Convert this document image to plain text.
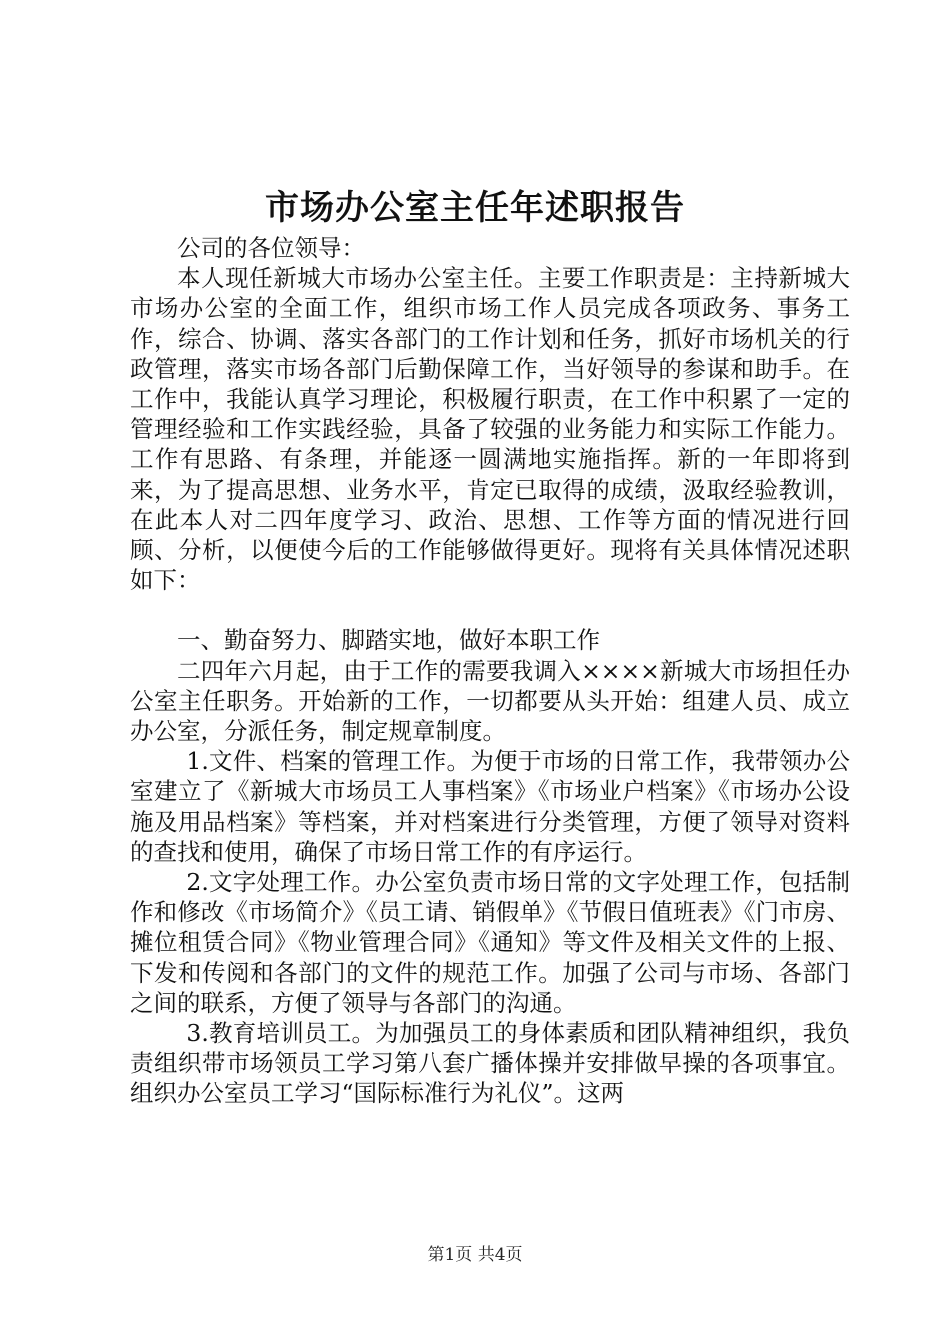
市场办公室主任年述职报告

公司的各位领导：

本人现任新城大市场办公室主任。主要工作职责是：主持新城大市场办公室的全面工作，组织市场工作人员完成各项政务、事务工作，综合、协调、落实各部门的工作计划和任务，抓好市场机关的行政管理，落实市场各部门后勤保障工作，当好领导的参谋和助手。在工作中，我能认真学习理论，积极履行职责，在工作中积累了一定的管理经验和工作实践经验，具备了较强的业务能力和实际工作能力。工作有思路、有条理，并能逐一圆满地实施指挥。新的一年即将到来，为了提高思想、业务水平，肯定已取得的成绩，汲取经验教训，在此本人对二四年度学习、政治、思想、工作等方面的情况进行回顾、分析，以便使今后的工作能够做得更好。现将有关具体情况述职如下：

一、勤奋努力、脚踏实地，做好本职工作

二四年六月起，由于工作的需要我调入××××新城大市场担任办公室主任职务。开始新的工作，一切都要从头开始：组建人员、成立办公室，分派任务，制定规章制度。

1.文件、档案的管理工作。为便于市场的日常工作，我带领办公室建立了《新城大市场员工人事档案》《市场业户档案》《市场办公设施及用品档案》等档案，并对档案进行分类管理，方便了领导对资料的查找和使用，确保了市场日常工作的有序运行。

2.文字处理工作。办公室负责市场日常的文字处理工作，包括制作和修改《市场简介》《员工请、销假单》《节假日值班表》《门市房、摊位租赁合同》《物业管理合同》《通知》等文件及相关文件的上报、下发和传阅和各部门的文件的规范工作。加强了公司与市场、各部门之间的联系，方便了领导与各部门的沟通。

3.教育培训员工。为加强员工的身体素质和团队精神组织，我负责组织带市场领员工学习第八套广播体操并安排做早操的各项事宜。组织办公室员工学习“国际标准行为礼仪”。这两

第1页 共4页
